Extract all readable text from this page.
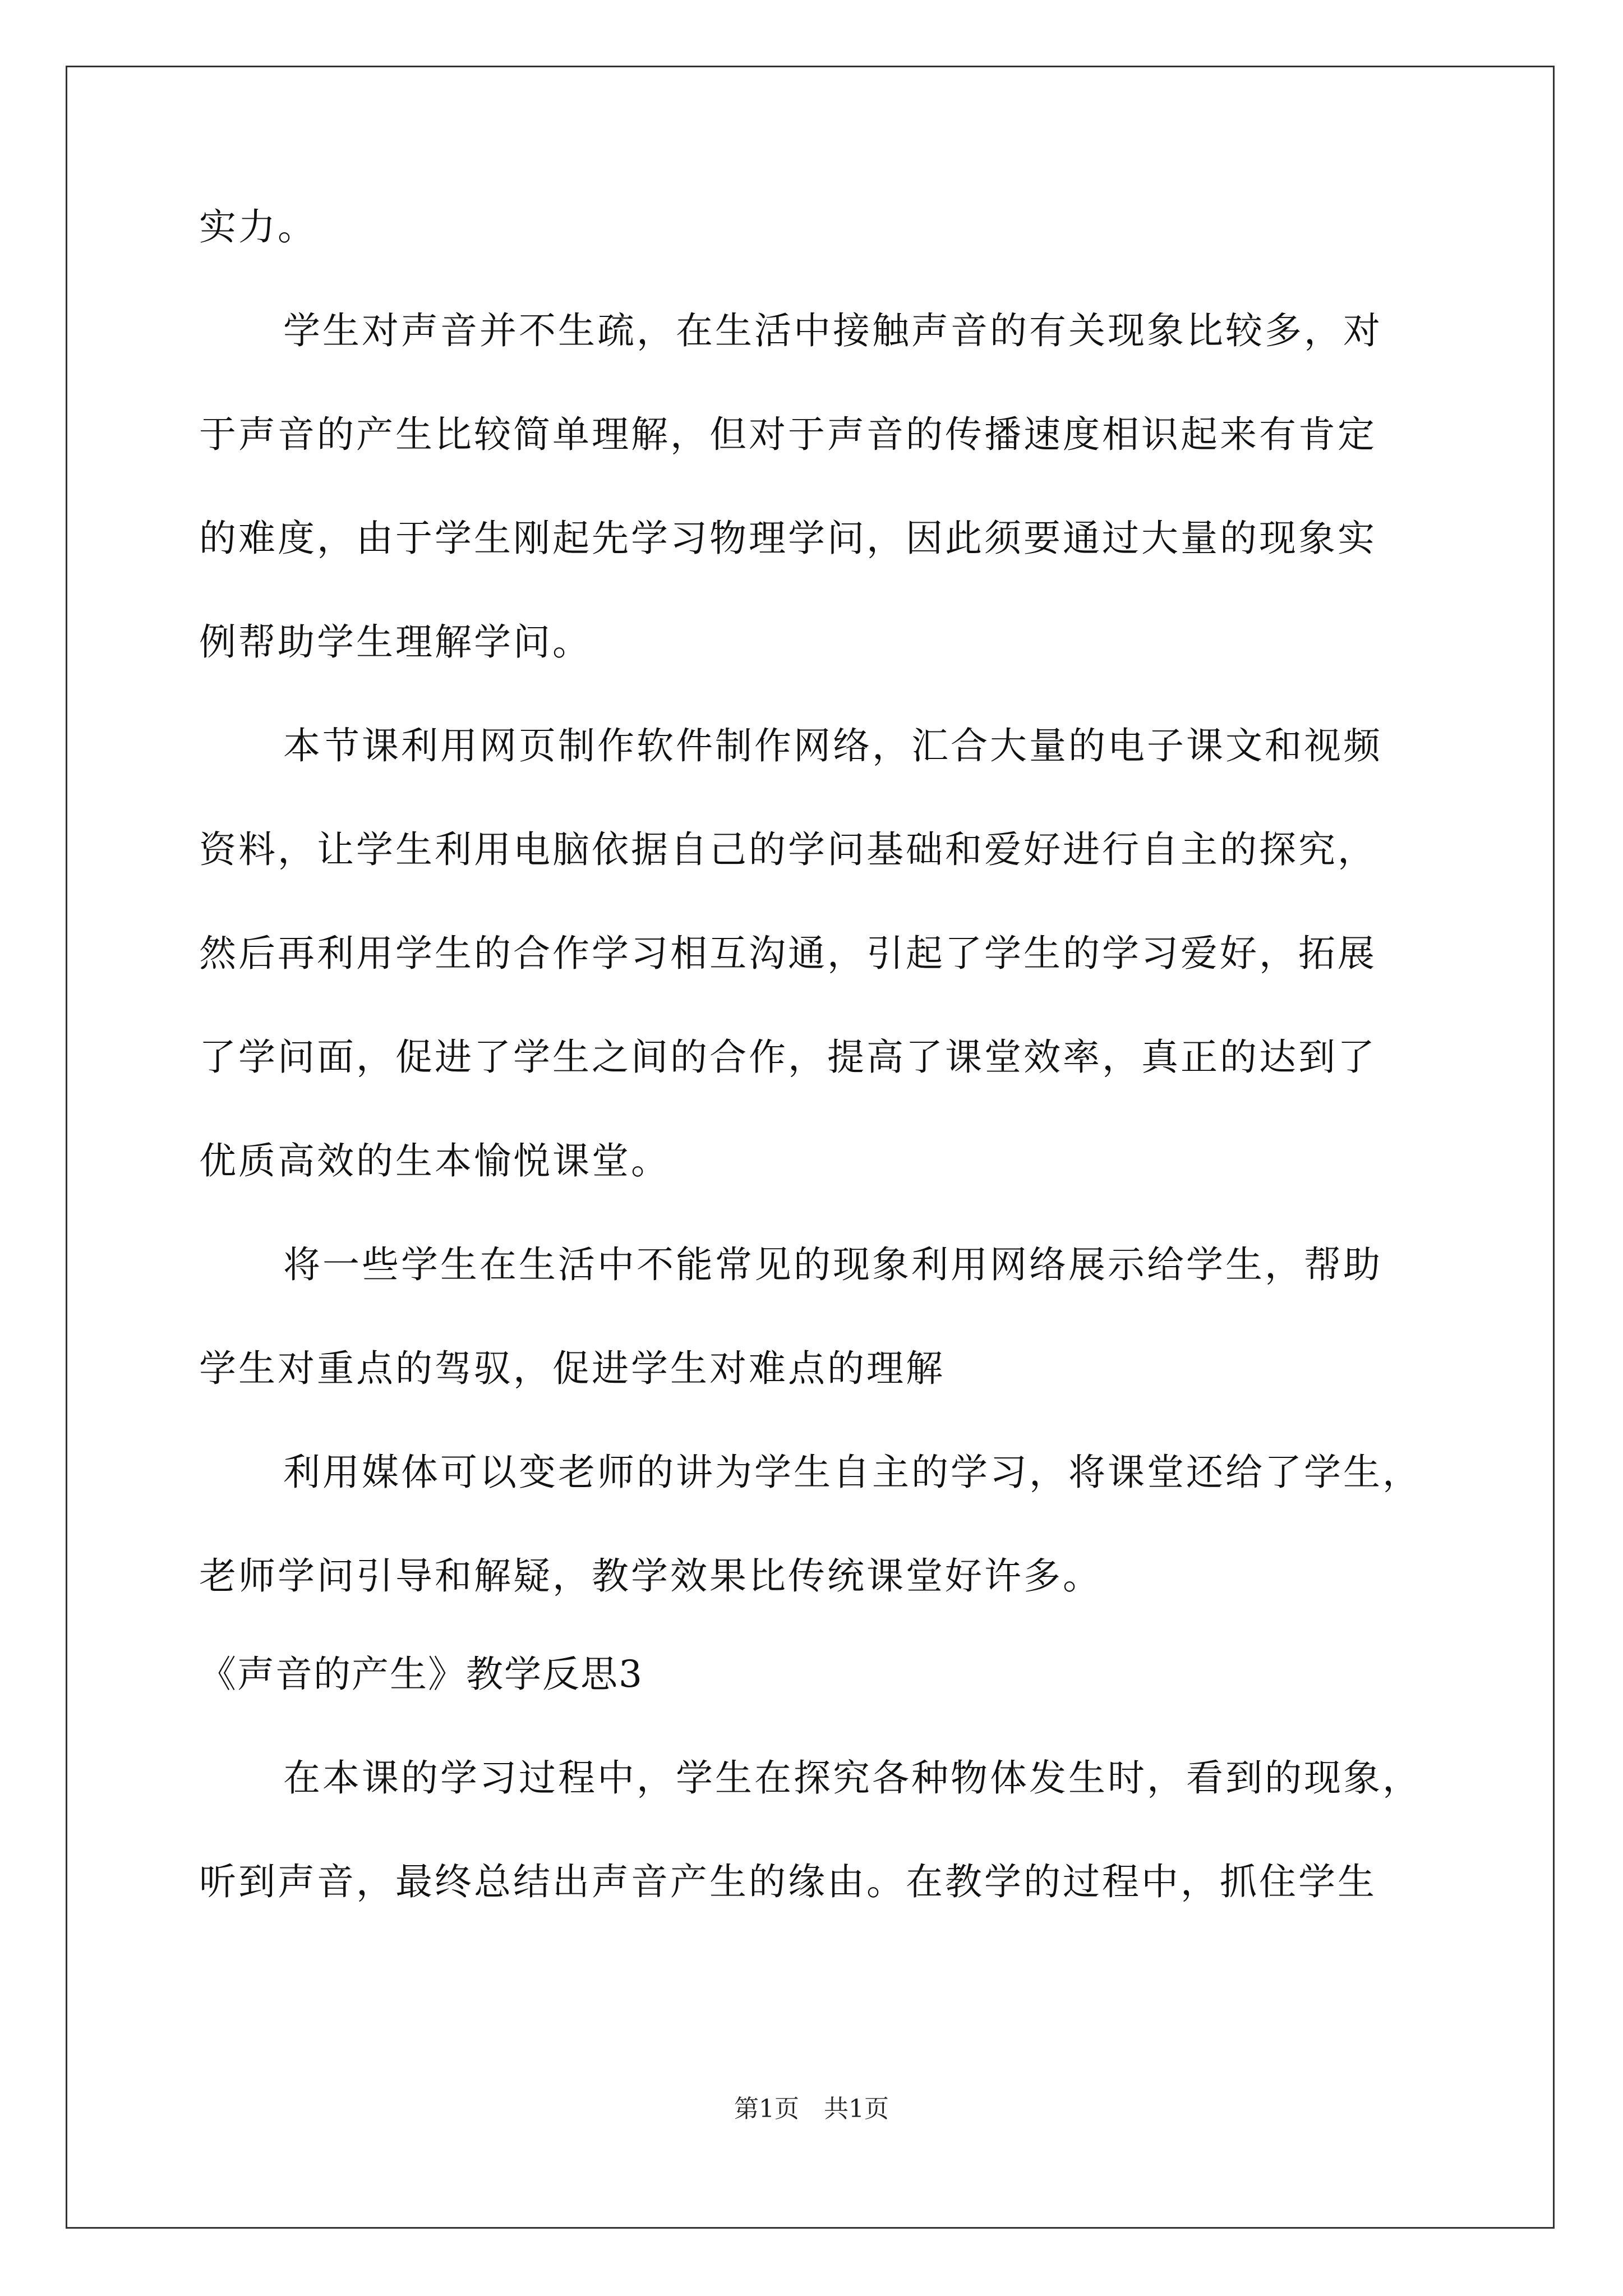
实力。
学生对声音并不生疏，在生活中接触声音的有关现象比较多，对
于声音的产生比较简单理解，但对于声音的传播速度相识起来有肯定
的难度，由于学生刚起先学习物理学问，因此须要通过大量的现象实
例帮助学生理解学问。
本节课利用网页制作软件制作网络，汇合大量的电子课文和视频
资料，让学生利用电脑依据自己的学问基础和爱好进行自主的探究，
然后再利用学生的合作学习相互沟通，引起了学生的学习爱好，拓展
了学问面，促进了学生之间的合作，提高了课堂效率，真正的达到了
优质高效的生本愉悦课堂。
将一些学生在生活中不能常见的现象利用网络展示给学生，帮助
学生对重点的驾驭，促进学生对难点的理解
利用媒体可以变老师的讲为学生自主的学习，将课堂还给了学生，
老师学问引导和解疑，教学效果比传统课堂好许多。
《声音的产生》教学反思3
在本课的学习过程中，学生在探究各种物体发生时，看到的现象，
听到声音，最终总结出声音产生的缘由。在教学的过程中，抓住学生
第1页　共1页
